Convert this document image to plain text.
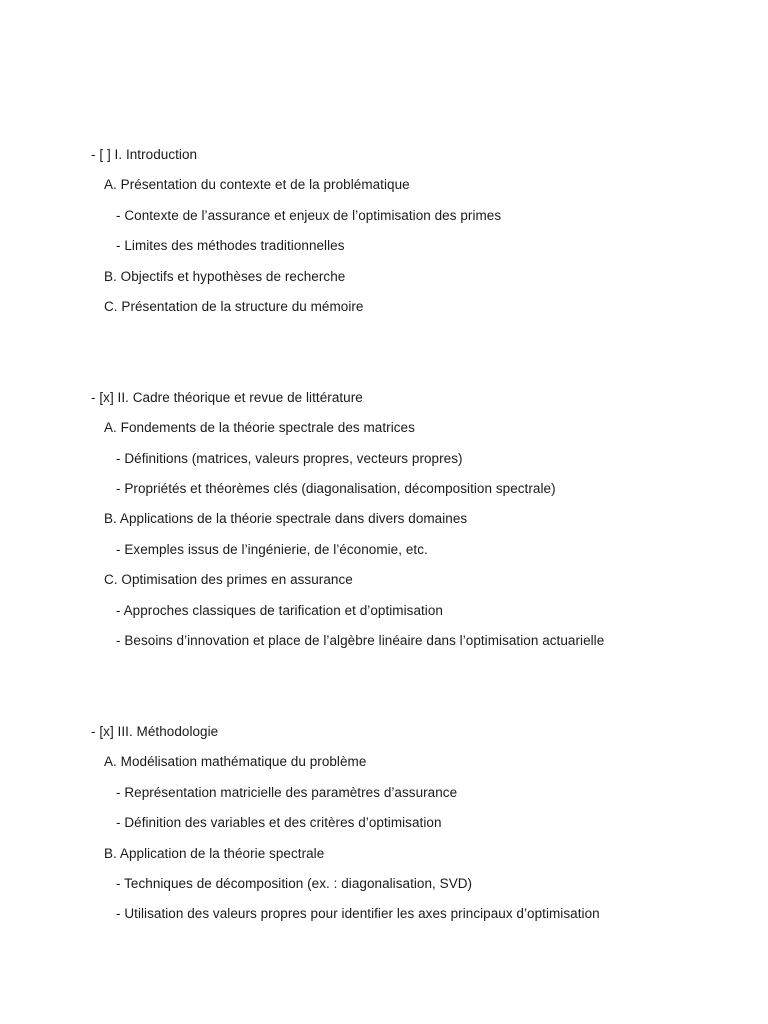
- [ ] I. Introduction
A. Présentation du contexte et de la problématique
- Contexte de l’assurance et enjeux de l’optimisation des primes
- Limites des méthodes traditionnelles
B. Objectifs et hypothèses de recherche
C. Présentation de la structure du mémoire
- [x] II. Cadre théorique et revue de littérature
A. Fondements de la théorie spectrale des matrices
- Définitions (matrices, valeurs propres, vecteurs propres)
- Propriétés et théorèmes clés (diagonalisation, décomposition spectrale)
B. Applications de la théorie spectrale dans divers domaines
- Exemples issus de l’ingénierie, de l’économie, etc.
C. Optimisation des primes en assurance
- Approches classiques de tarification et d’optimisation
- Besoins d’innovation et place de l’algèbre linéaire dans l’optimisation actuarielle
- [x] III. Méthodologie
A. Modélisation mathématique du problème
- Représentation matricielle des paramètres d’assurance
- Définition des variables et des critères d’optimisation
B. Application de la théorie spectrale
- Techniques de décomposition (ex. : diagonalisation, SVD)
- Utilisation des valeurs propres pour identifier les axes principaux d’optimisation
